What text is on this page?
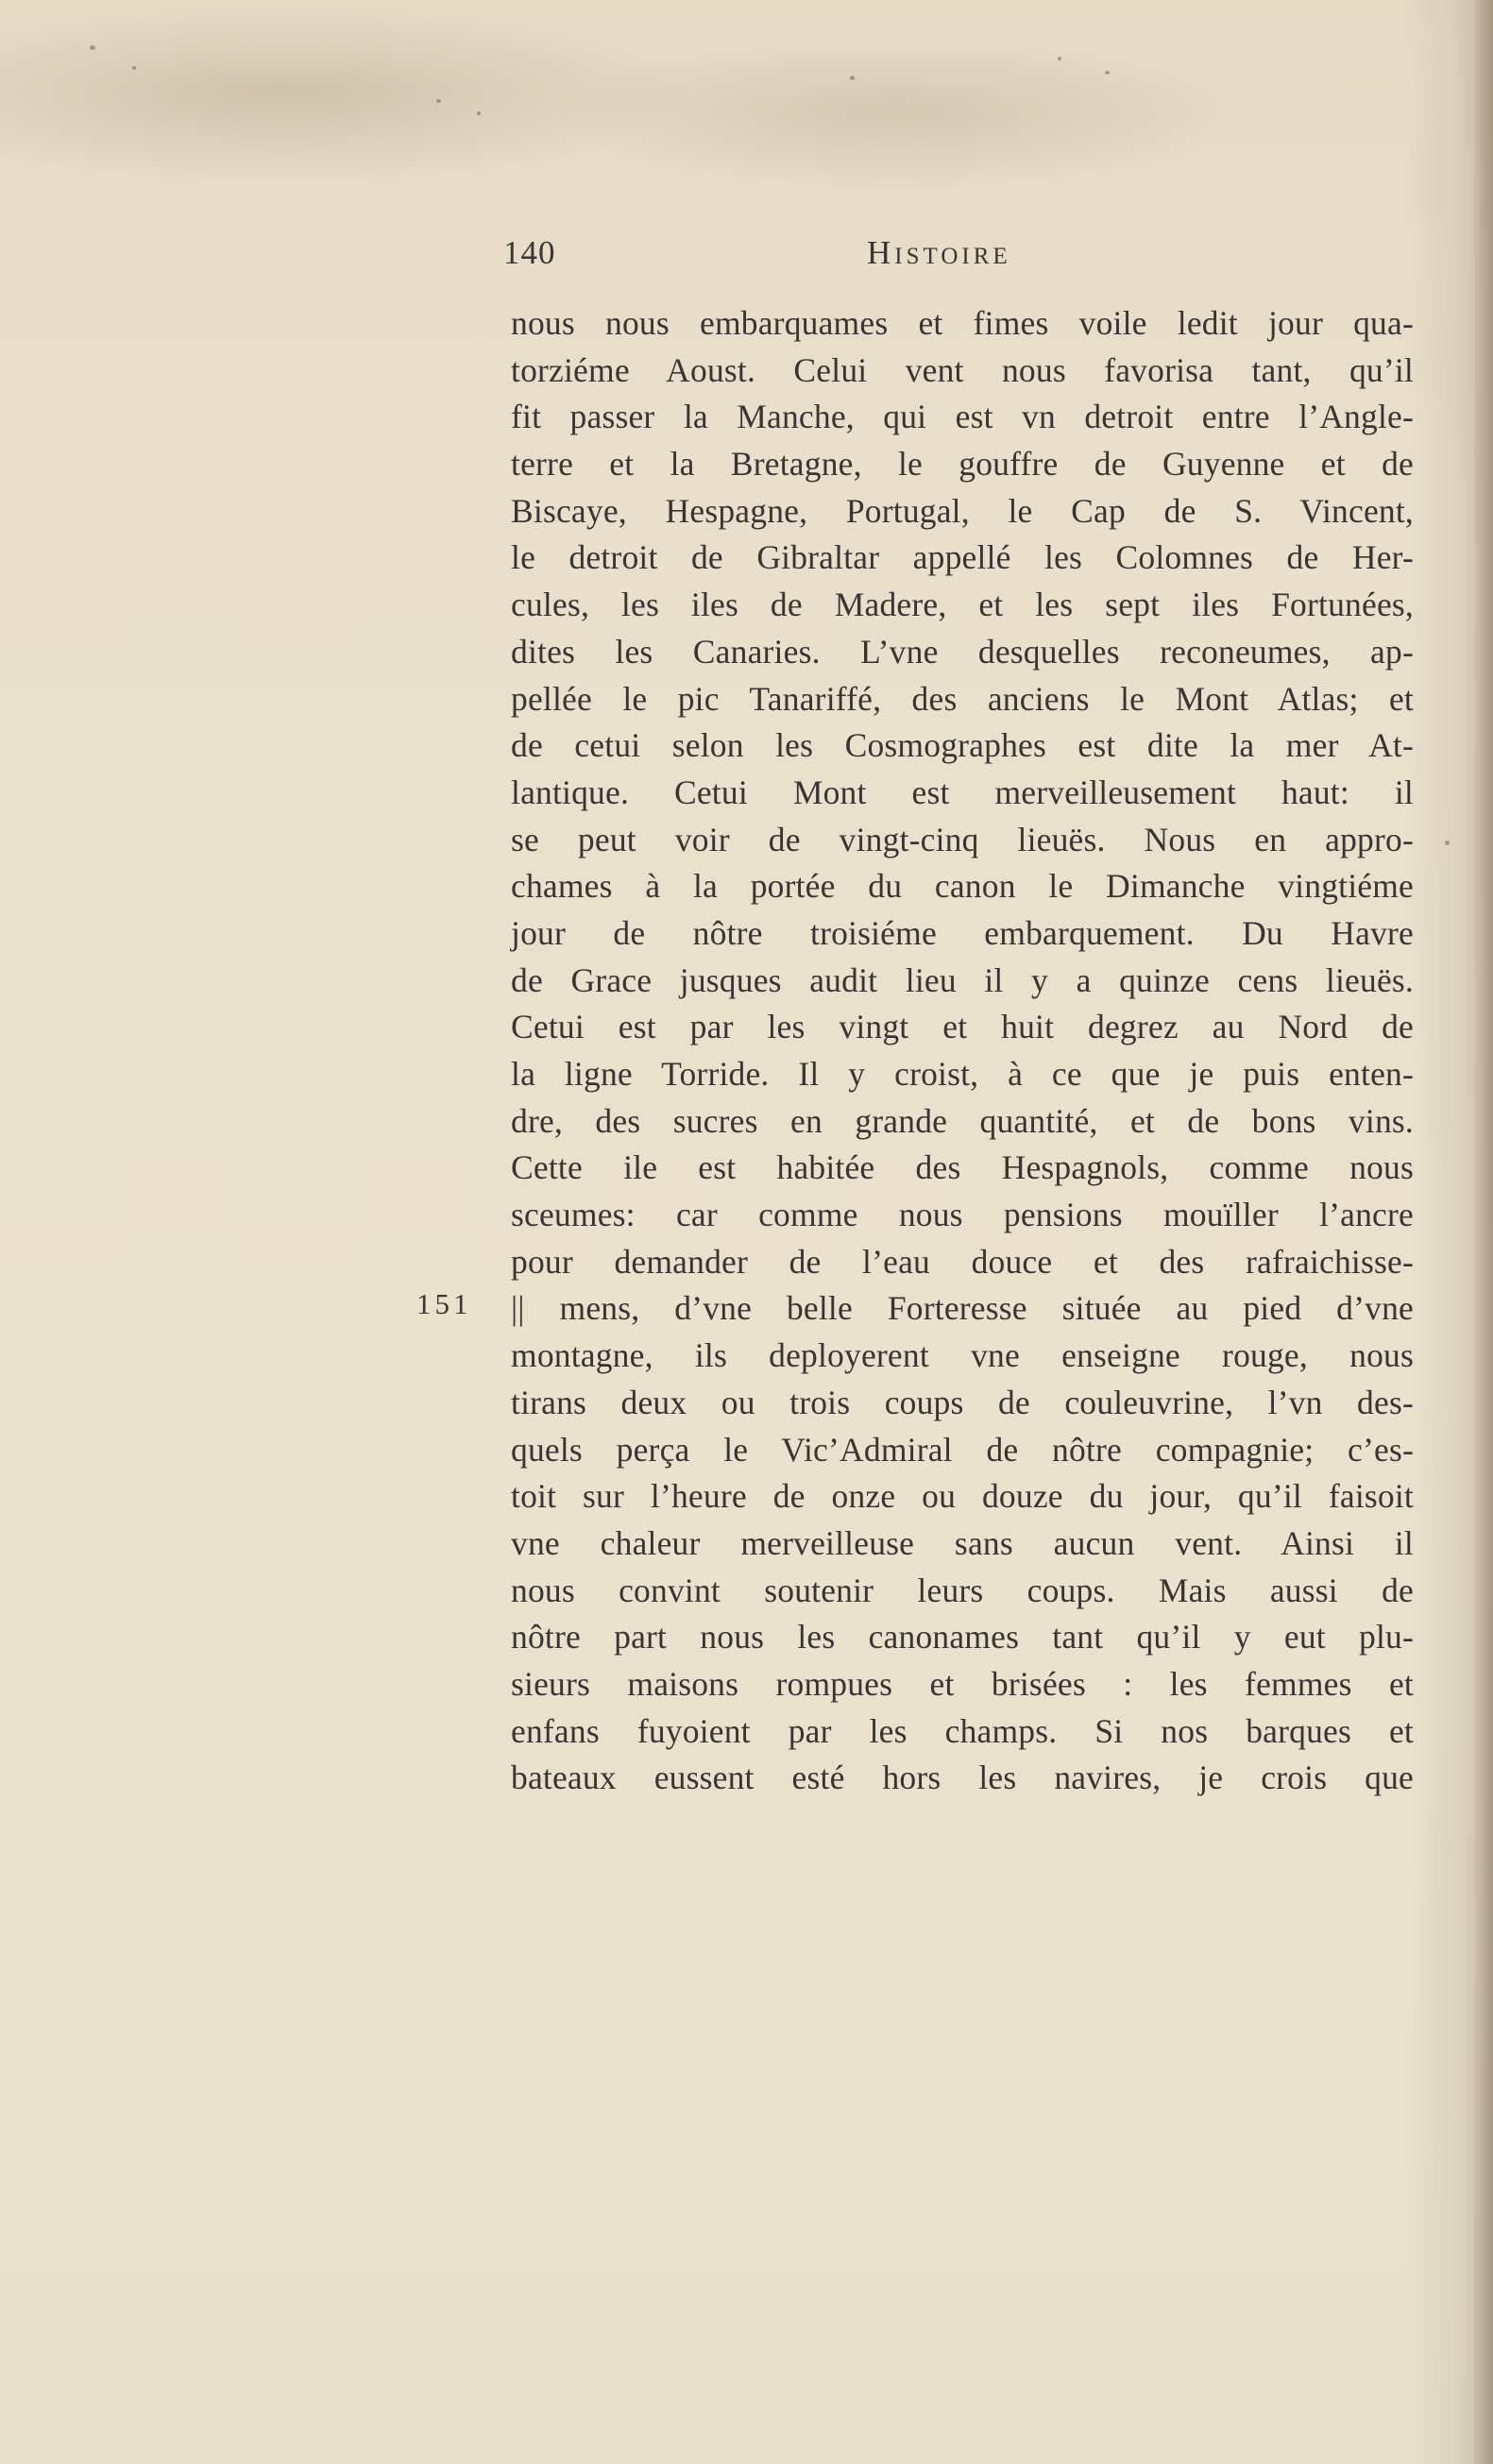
140	Histoire
151
nous nous embarquames et fimes voile ledit jour qua-
torziéme Aoust. Celui vent nous favorisa tant, qu’il
fit passer la Manche, qui est vn detroit entre l’Angle-
terre et la Bretagne, le gouffre de Guyenne et de
Biscaye, Hespagne, Portugal, le Cap de S. Vincent,
le detroit de Gibraltar appellé les Colomnes de Her-
cules, les iles de Madere, et les sept iles Fortunées,
dites les Canaries. L’vne desquelles reconeumes, ap-
pellée le pic Tanariffé, des anciens le Mont Atlas; et
de cetui selon les Cosmographes est dite la mer At-
lantique. Cetui Mont est merveilleusement haut: il
se peut voir de vingt-cinq lieuës. Nous en appro-
chames à la portée du canon le Dimanche vingtiéme
jour de nôtre troisiéme embarquement. Du Havre
de Grace jusques audit lieu il y a quinze cens lieuës.
Cetui est par les vingt et huit degrez au Nord de
la ligne Torride. Il y croist, à ce que je puis enten-
dre, des sucres en grande quantité, et de bons vins.
Cette ile est habitée des Hespagnols, comme nous
sceumes: car comme nous pensions mouïller l’ancre
pour demander de l’eau douce et des rafraichisse-
|| mens, d’vne belle Forteresse située au pied d’vne
montagne, ils deployerent vne enseigne rouge, nous
tirans deux ou trois coups de couleuvrine, l’vn des-
quels perça le Vic’Admiral de nôtre compagnie; c’es-
toit sur l’heure de onze ou douze du jour, qu’il faisoit
vne chaleur merveilleuse sans aucun vent. Ainsi il
nous convint soutenir leurs coups. Mais aussi de
nôtre part nous les canonames tant qu’il y eut plu-
sieurs maisons rompues et brisées : les femmes et
enfans fuyoient par les champs. Si nos barques et
bateaux eussent esté hors les navires, je crois que
